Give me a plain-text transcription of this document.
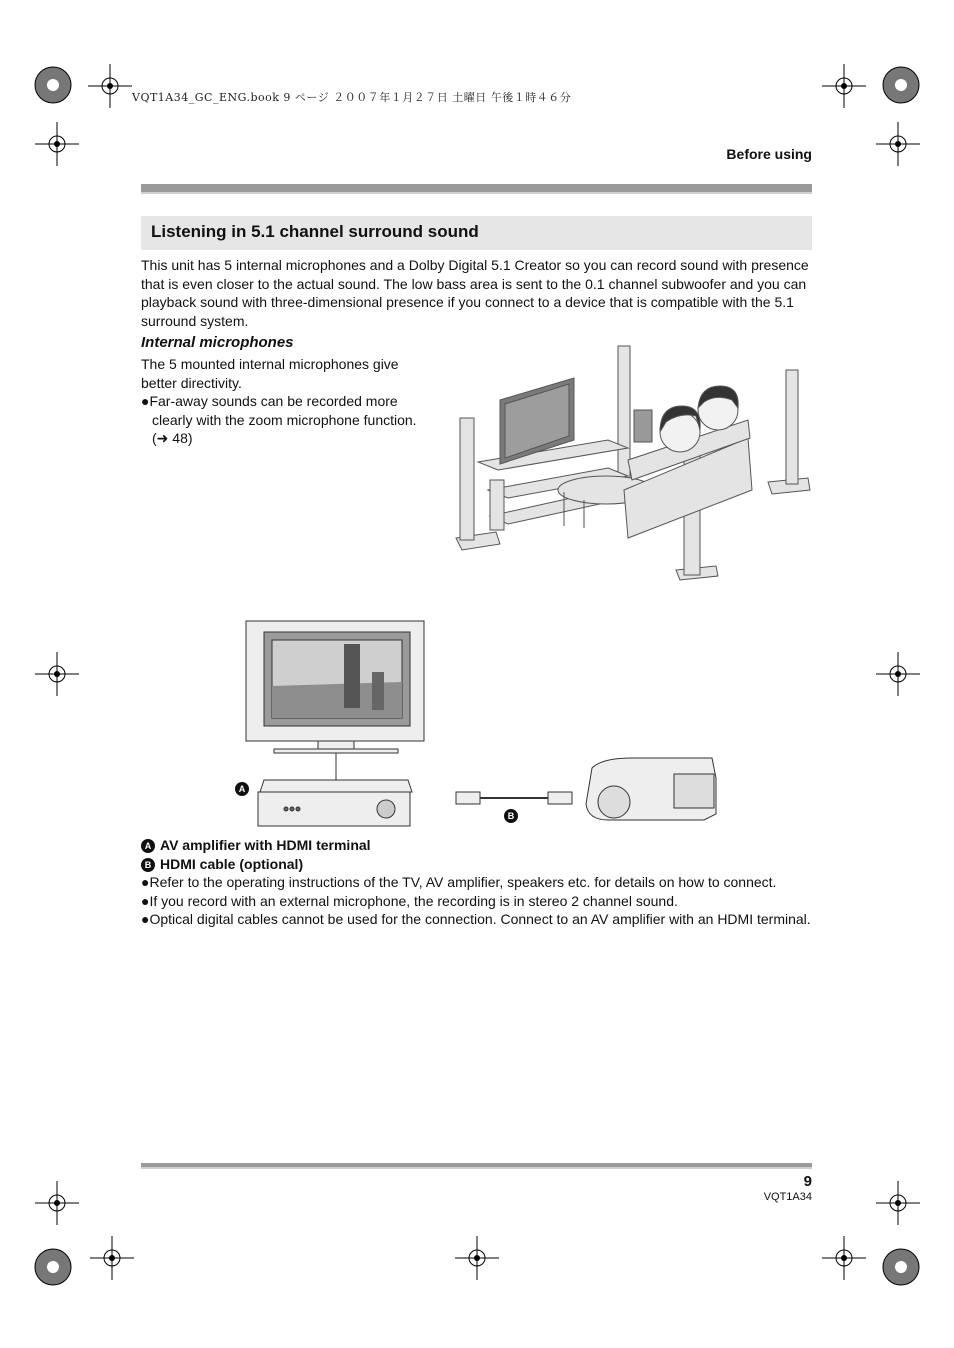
VQT1A34_GC_ENG.book 9 ページ ２００７年１月２７日 土曜日 午後１時４６分
Before using
Listening in 5.1 channel surround sound
This unit has 5 internal microphones and a Dolby Digital 5.1 Creator so you can record sound with presence that is even closer to the actual sound. The low bass area is sent to the 0.1 channel subwoofer and you can playback sound with three-dimensional presence if you connect to a device that is compatible with the 5.1 surround system.
Internal microphones
The 5 mounted internal microphones give better directivity.
●Far-away sounds can be recorded more clearly with the zoom microphone function. (➜ 48)
A
B
A AV amplifier with HDMI terminal
B HDMI cable (optional)
●Refer to the operating instructions of the TV, AV amplifier, speakers etc. for details on how to connect.
●If you record with an external microphone, the recording is in stereo 2 channel sound.
●Optical digital cables cannot be used for the connection. Connect to an AV amplifier with an HDMI terminal.
9
VQT1A34
